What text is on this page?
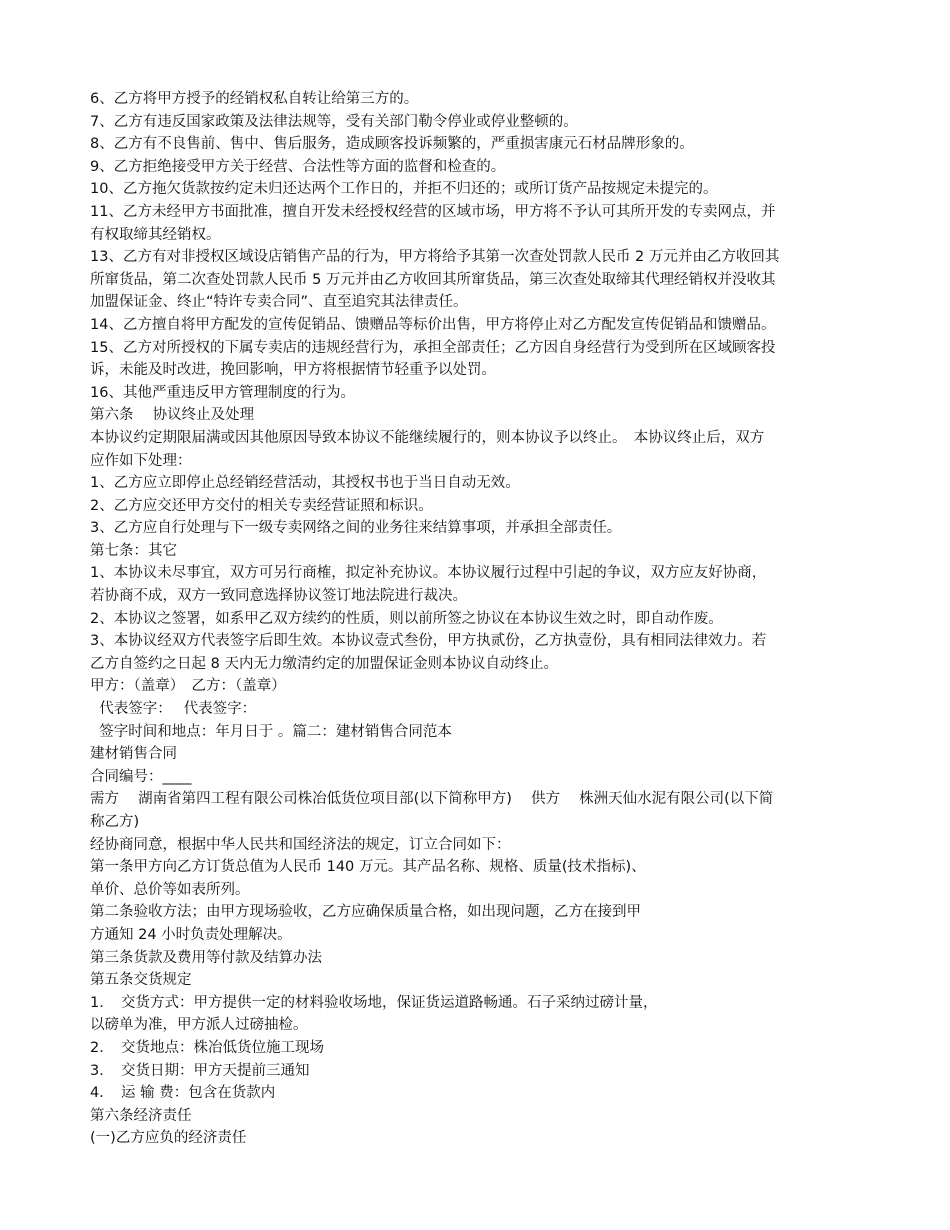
6、乙方将甲方授予的经销权私自转让给第三方的。
7、乙方有违反国家政策及法律法规等，受有关部门勒令停业或停业整顿的。
8、乙方有不良售前、售中、售后服务，造成顾客投诉频繁的，严重损害康元石材品牌形象的。
9、乙方拒绝接受甲方关于经营、合法性等方面的监督和检查的。
10、乙方拖欠货款按约定未归还达两个工作日的，并拒不归还的；或所订货产品按规定未提完的。
11、乙方未经甲方书面批准，擅自开发未经授权经营的区域市场，甲方将不予认可其所开发的专卖网点，并
有权取缔其经销权。
13、乙方有对非授权区域设店销售产品的行为，甲方将给予其第一次查处罚款人民币 2 万元并由乙方收回其
所窜货品，第二次查处罚款人民币 5 万元并由乙方收回其所窜货品，第三次查处取缔其代理经销权并没收其
加盟保证金、终止“特许专卖合同”、直至追究其法律责任。
14、乙方擅自将甲方配发的宣传促销品、馈赠品等标价出售，甲方将停止对乙方配发宣传促销品和馈赠品。
15、乙方对所授权的下属专卖店的违规经营行为，承担全部责任；乙方因自身经营行为受到所在区域顾客投
诉，未能及时改进，挽回影响，甲方将根据情节轻重予以处罚。
16、其他严重违反甲方管理制度的行为。
第六条　 协议终止及处理
本协议约定期限届满或因其他原因导致本协议不能继续履行的，则本协议予以终止。　本协议终止后，双方
应作如下处理：
1、乙方应立即停止总经销经营活动，其授权书也于当日自动无效。
2、乙方应交还甲方交付的相关专卖经营证照和标识。
3、乙方应自行处理与下一级专卖网络之间的业务往来结算事项，并承担全部责任。
第七条：其它
1、本协议未尽事宜，双方可另行商榷，拟定补充协议。本协议履行过程中引起的争议，双方应友好协商，
若协商不成，双方一致同意选择协议签订地法院进行裁决。
2、本协议之签署，如系甲乙双方续约的性质，则以前所签之协议在本协议生效之时，即自动作废。
3、本协议经双方代表签字后即生效。本协议壹式叁份，甲方执贰份，乙方执壹份，具有相同法律效力。若
乙方自签约之日起 8 天内无力缴清约定的加盟保证金则本协议自动终止。
甲方：（盖章）　乙方：（盖章）
代表签字：　 代表签字：
签字时间和地点：年月日于 。篇二：建材销售合同范本
建材销售合同
合同编号：____
需方　 湖南省第四工程有限公司株冶低货位项目部(以下简称甲方)　 供方　 株洲天仙水泥有限公司(以下简
称乙方)
经协商同意，根据中华人民共和国经济法的规定，订立合同如下：
第一条甲方向乙方订货总值为人民币 140 万元。其产品名称、规格、质量(技术指标)、
单价、总价等如表所列。
第二条验收方法；由甲方现场验收，乙方应确保质量合格，如出现问题，乙方在接到甲
方通知 24 小时负责处理解决。
第三条货款及费用等付款及结算办法
第五条交货规定
1．　交货方式：甲方提供一定的材料验收场地，保证货运道路畅通。石子采纳过磅计量，
以磅单为准，甲方派人过磅抽检。
2．　交货地点：株冶低货位施工现场
3．　交货日期：甲方天提前三通知
4．　运 输 费：包含在货款内
第六条经济责任
(一)乙方应负的经济责任
